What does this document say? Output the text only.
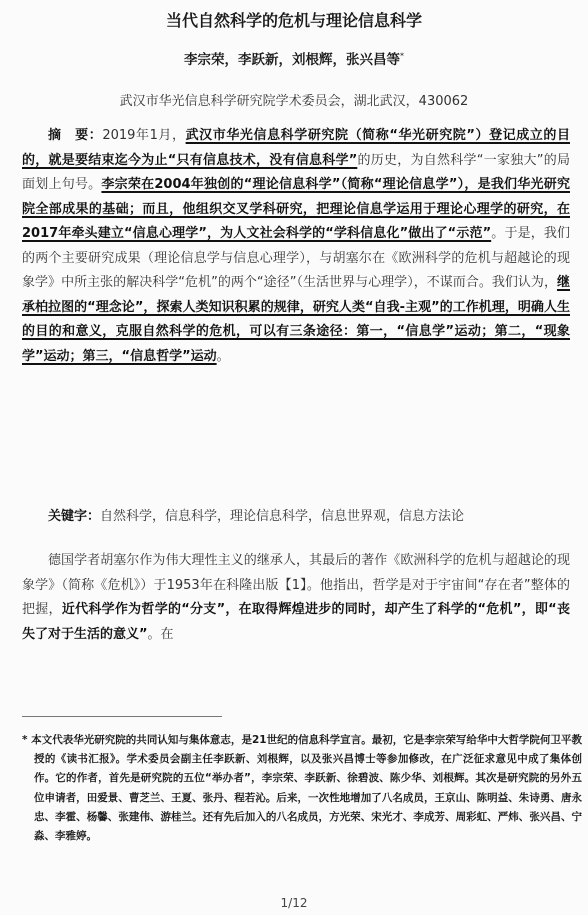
当代自然科学的危机与理论信息科学
李宗荣，李跃新，刘根辉，张兴昌等*
武汉市华光信息科学研究院学术委员会，湖北武汉，430062
摘　要：2019年1月，武汉市华光信息科学研究院（简称“华光研究院”）登记成立的目的，就是要结束迄今为止“只有信息技术，没有信息科学”的历史，为自然科学“一家独大”的局面划上句号。李宗荣在2004年独创的“理论信息科学”（简称“理论信息学”），是我们华光研究院全部成果的基础；而且，他组织交叉学科研究，把理论信息学运用于理论心理学的研究，在2017年牵头建立“信息心理学”，为人文社会科学的“学科信息化”做出了“示范”。于是，我们的两个主要研究成果（理论信息学与信息心理学），与胡塞尔在《欧洲科学的危机与超越论的现象学》中所主张的解决科学“危机”的两个“途径”（生活世界与心理学），不谋而合。我们认为，继承柏拉图的“理念论”，探索人类知识积累的规律，研究人类“自我-主观”的工作机理，明确人生的目的和意义，克服自然科学的危机，可以有三条途径：第一，“信息学”运动；第二，“现象学”运动；第三，“信息哲学”运动。
关键字：自然科学，信息科学，理论信息科学，信息世界观，信息方法论
德国学者胡塞尔作为伟大理性主义的继承人，其最后的著作《欧洲科学的危机与超越论的现象学》（简称《危机》）于1953年在科隆出版【1】。他指出，哲学是对于宇宙间“存在者”整体的把握，近代科学作为哲学的“分支”，在取得辉煌进步的同时，却产生了科学的“危机”，即“丧失了对于生活的意义”。在
* 本文代表华光研究院的共同认知与集体意志，是21世纪的信息科学宣言。最初，它是李宗荣写给华中大哲学院何卫平教授的《读书汇报》。学术委员会副主任李跃新、刘根辉，以及张兴昌博士等参加修改，在广泛征求意见中成了集体创作。它的作者，首先是研究院的五位“举办者”，李宗荣、李跃新、徐碧波、陈少华、刘根辉。其次是研究院的另外五位申请者，田爱景、曹芝兰、王夏、张丹、程若沁。后来，一次性地增加了八名成员，王京山、陈明益、朱诗勇、唐永忠、李霍、杨馨、张建伟、游桂兰。还有先后加入的八名成员，方光荣、宋光才、李成芳、周彩虹、严炜、张兴昌、宁淼、李雅婷。
1/12
